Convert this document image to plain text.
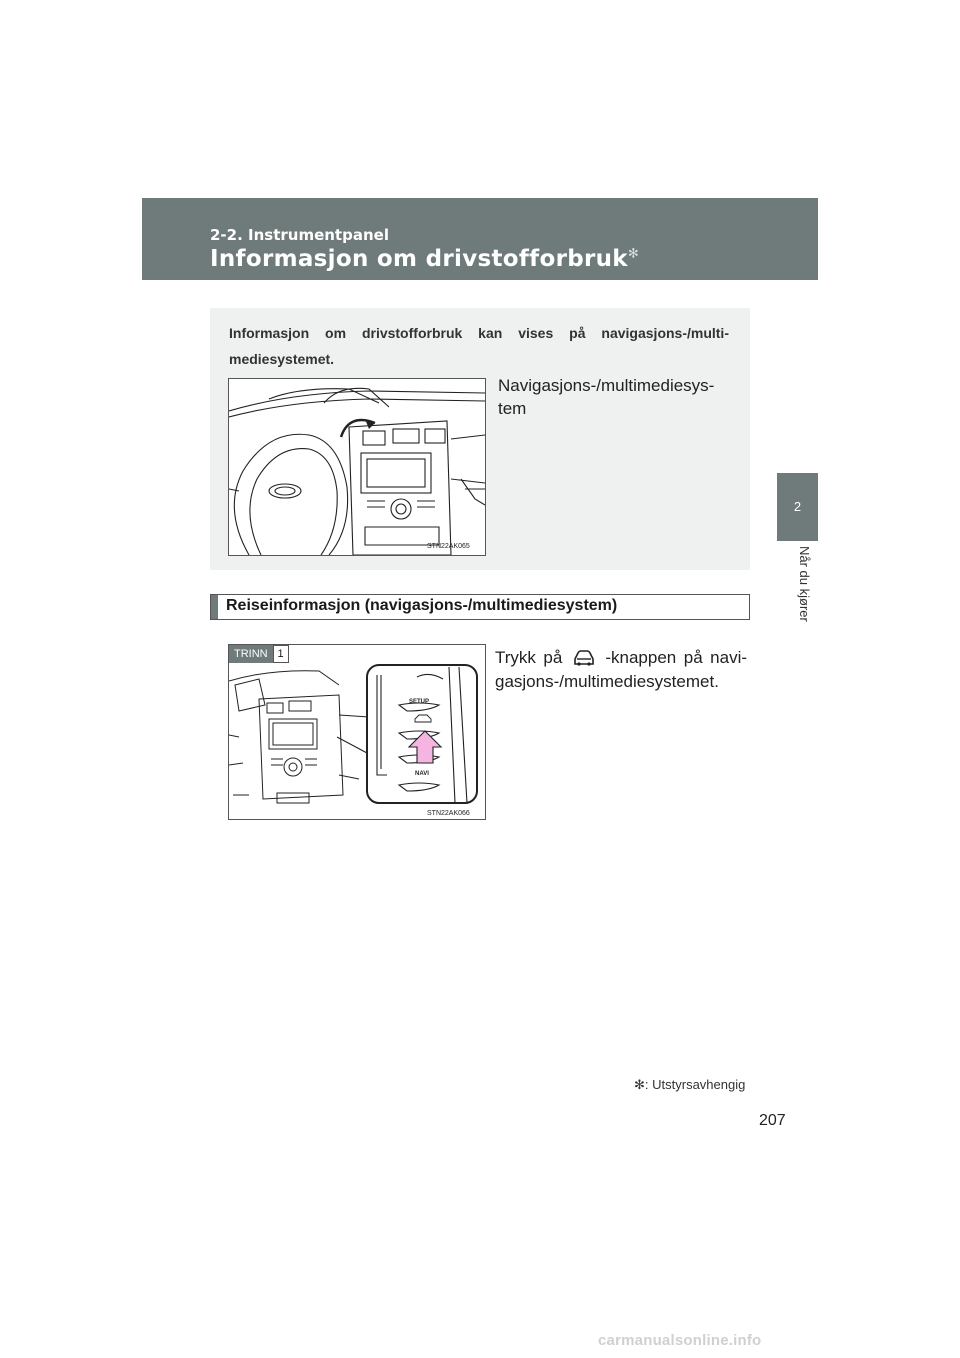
2-2. Instrumentpanel
Informasjon om drivstofforbruk✻
2
Når du kjører
Informasjon om drivstofforbruk kan vises på navigasjons-/multi-mediesystemet.
STN22AK065
Navigasjons-/multimediesys-tem
Reiseinformasjon (navigasjons-/multimediesystem)
TRINN 1
SETUP
NAVI
STN22AK066
Trykk på	-knappen på navi-gasjons-/multimediesystemet.
✻: Utstyrsavhengig
207
carmanualsonline.info
